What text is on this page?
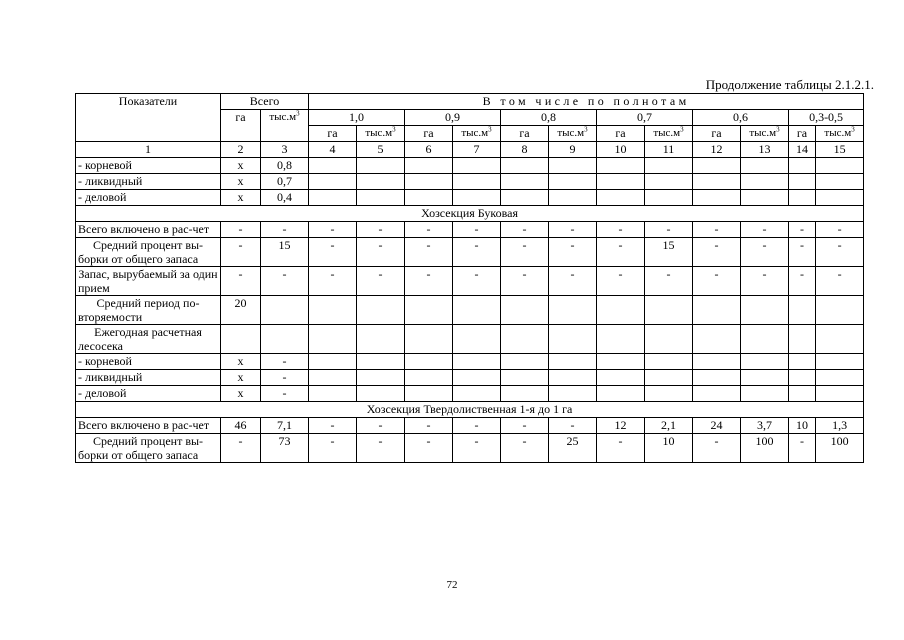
Продолжение таблицы 2.1.2.1.
Показатели	Всего		В том числе по полнотам											
	га	$тыс.м^3$	1,0		0,9		0,8		0,7		0,6		0,3-0,5	
			га	$тыс.м^3$	га	$тыс.м^3$	га	$тыс.м^3$	га	$тыс.м^3$	га	$тыс.м^3$	га	$тыс.м^3$
1	2	3	4	5	6	7	8	9	10	11	12	13	14	15
- корневой	х	0,8												
- ликвидный	х	0,7												
- деловой	х	0,4												
Хозсекция Буковая														
Всего включено в рас-чет	-	-	-	-	-	-	-	-	-	-	-	-	-	-
Средний процент вы-борки от общего запаса	-	15	-	-	-	-	-	-	-	15	-	-	-	-
Запас, вырубаемый за один прием	-	-	-	-	-	-	-	-	-	-	-	-	-	-
Средний период по-вторяемости	20													
Ежегодная расчетная лесосека														
- корневой	х	-												
- ликвидный	х	-												
- деловой	х	-												
Хозсекция Твердолиственная 1-я до 1 га														
Всего включено в рас-чет	46	7,1	-	-	-	-	-	-	12	2,1	24	3,7	10	1,3
Средний процент вы-борки от общего запаса	-	73	-	-	-	-	-	25	-	10	-	100	-	100
72
